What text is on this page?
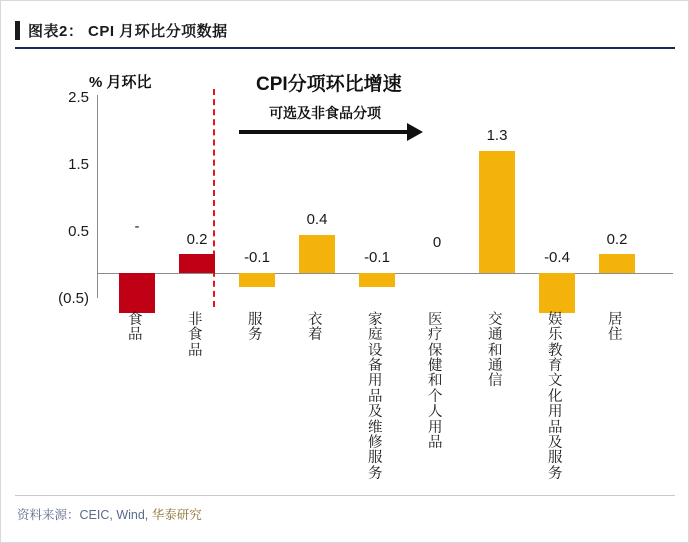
图表2： CPI 月环比分项数据
% 月环比	CPI分项环比增速
2.5
1.5
0.5
(0.5)
可选及非食品分项
-
0.2
-0.1
0.4
-0.1
0
1.3
-0.4
0.2
食品
非食品
服务
衣着
家庭设备用品及维修服务
医疗保健和个人用品
交通和通信
娱乐教育文化用品及服务
居住
资料来源：CEIC, Wind, 华泰研究
